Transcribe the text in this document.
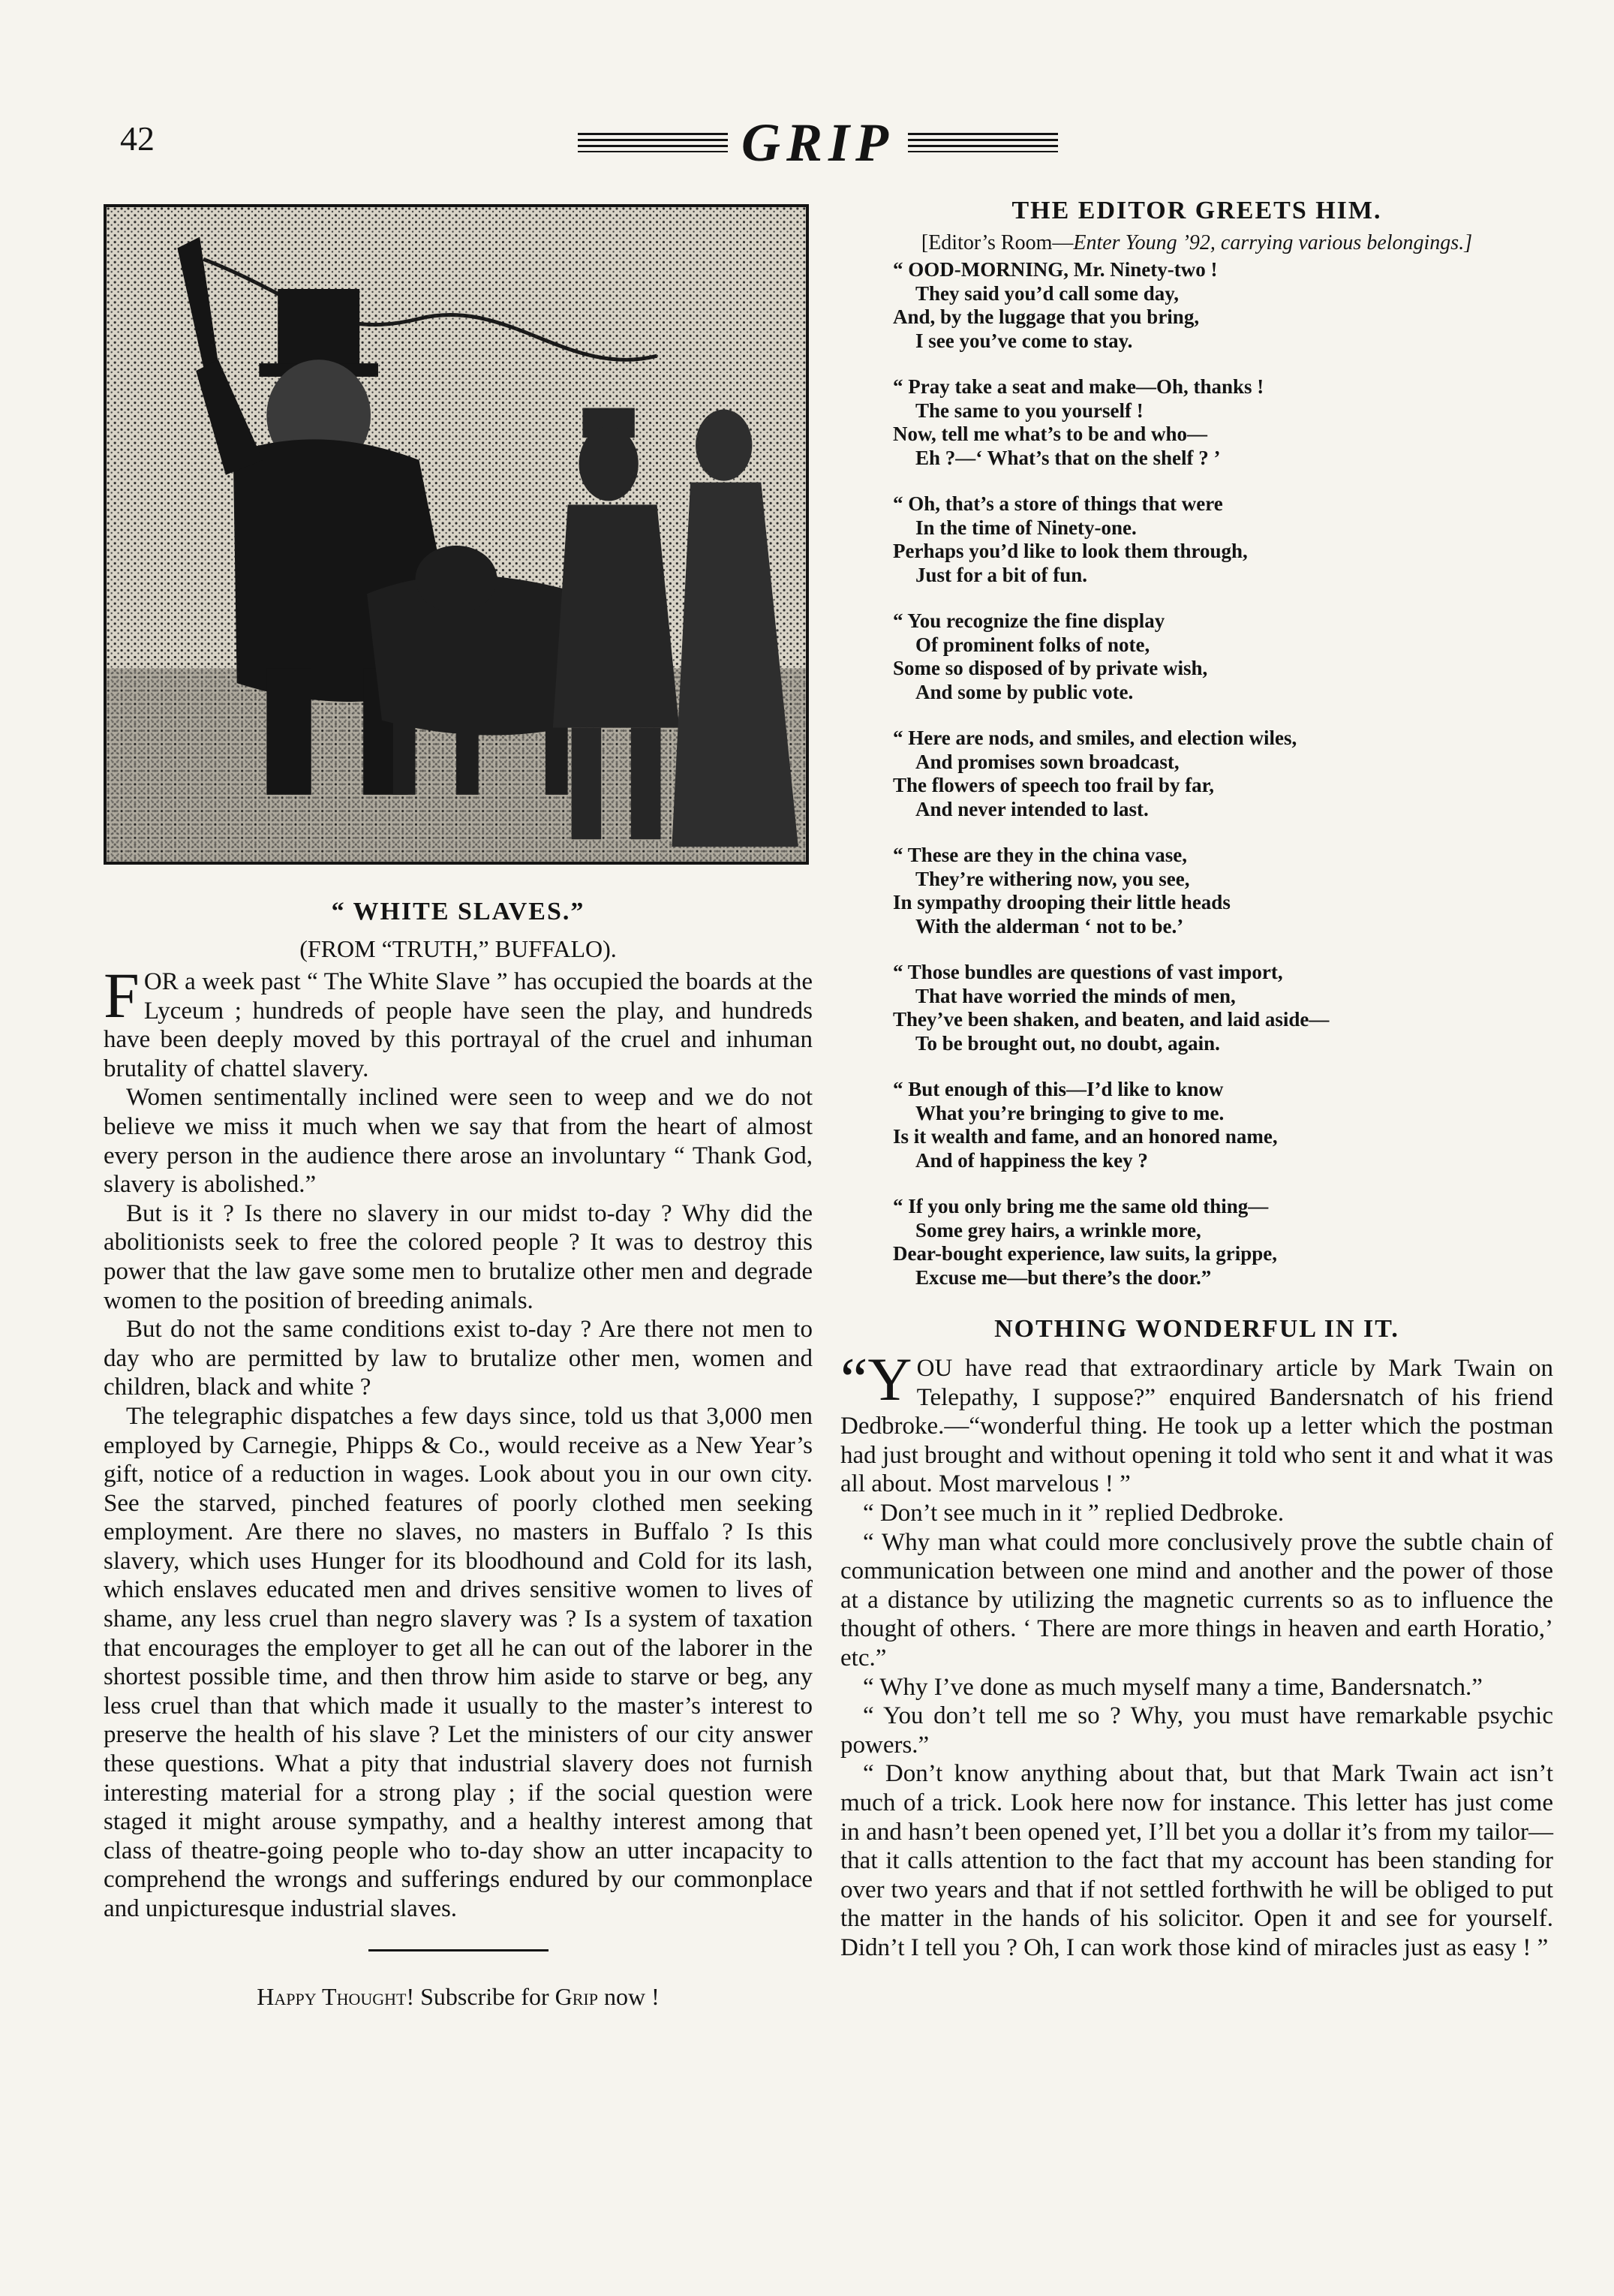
42	GRIP

“ WHITE SLAVES.”

(FROM “TRUTH,” BUFFALO).

FOR a week past “ The White Slave ” has occupied the boards at the Lyceum ; hundreds of people have seen the play, and hundreds have been deeply moved by this portrayal of the cruel and inhuman brutality of chattel slavery.

Women sentimentally inclined were seen to weep and we do not believe we miss it much when we say that from the heart of almost every person in the audience there arose an involuntary “ Thank God, slavery is abolished.”

But is it ? Is there no slavery in our midst to-day ? Why did the abolitionists seek to free the colored people ? It was to destroy this power that the law gave some men to brutalize other men and degrade women to the position of breeding animals.

But do not the same conditions exist to-day ? Are there not men to day who are permitted by law to brutalize other men, women and children, black and white ?

The telegraphic dispatches a few days since, told us that 3,000 men employed by Carnegie, Phipps & Co., would receive as a New Year’s gift, notice of a reduction in wages. Look about you in our own city. See the starved, pinched features of poorly clothed men seeking employment. Are there no slaves, no masters in Buffalo ? Is this slavery, which uses Hunger for its bloodhound and Cold for its lash, which enslaves educated men and drives sensitive women to lives of shame, any less cruel than negro slavery was ? Is a system of taxation that encourages the employer to get all he can out of the laborer in the shortest possible time, and then throw him aside to starve or beg, any less cruel than that which made it usually to the master’s interest to preserve the health of his slave ? Let the ministers of our city answer these questions. What a pity that industrial slavery does not furnish interesting material for a strong play ; if the social question were staged it might arouse sympathy, and a healthy interest among that class of theatre-going people who to-day show an utter incapacity to comprehend the wrongs and sufferings endured by our commonplace and unpicturesque industrial slaves.

Happy Thought! Subscribe for Grip now !

THE EDITOR GREETS HIM.

[Editor’s Room—Enter Young ’92, carrying various belongings.]
“ OOD-MORNING, Mr. Ninety-two !
They said you’d call some day,
And, by the luggage that you bring,
I see you’ve come to stay.
“ Pray take a seat and make—Oh, thanks !
The same to you yourself !
Now, tell me what’s to be and who—
Eh ?—‘ What’s that on the shelf ? ’
“ Oh, that’s a store of things that were
In the time of Ninety-one.
Perhaps you’d like to look them through,
Just for a bit of fun.
“ You recognize the fine display
Of prominent folks of note,
Some so disposed of by private wish,
And some by public vote.
“ Here are nods, and smiles, and election wiles,
And promises sown broadcast,
The flowers of speech too frail by far,
And never intended to last.
“ These are they in the china vase,
They’re withering now, you see,
In sympathy drooping their little heads
With the alderman ‘ not to be.’
“ Those bundles are questions of vast import,
That have worried the minds of men,
They’ve been shaken, and beaten, and laid aside—
To be brought out, no doubt, again.
“ But enough of this—I’d like to know
What you’re bringing to give to me.
Is it wealth and fame, and an honored name,
And of happiness the key ?
“ If you only bring me the same old thing—
Some grey hairs, a wrinkle more,
Dear-bought experience, law suits, la grippe,
Excuse me—but there’s the door.”

NOTHING WONDERFUL IN IT.

“YOU have read that extraordinary article by Mark Twain on Telepathy, I suppose?” enquired Bandersnatch of his friend Dedbroke.—“wonderful thing. He took up a letter which the postman had just brought and without opening it told who sent it and what it was all about. Most marvelous ! ”

“ Don’t see much in it ” replied Dedbroke.

“ Why man what could more conclusively prove the subtle chain of communication between one mind and another and the power of those at a distance by utilizing the magnetic currents so as to influence the thought of others. ‘ There are more things in heaven and earth Horatio,’ etc.”

“ Why I’ve done as much myself many a time, Bandersnatch.”

“ You don’t tell me so ? Why, you must have remarkable psychic powers.”

“ Don’t know anything about that, but that Mark Twain act isn’t much of a trick. Look here now for instance. This letter has just come in and hasn’t been opened yet, I’ll bet you a dollar it’s from my tailor—that it calls attention to the fact that my account has been standing for over two years and that if not settled forthwith he will be obliged to put the matter in the hands of his solicitor. Open it and see for yourself. Didn’t I tell you ? Oh, I can work those kind of miracles just as easy ! ”
